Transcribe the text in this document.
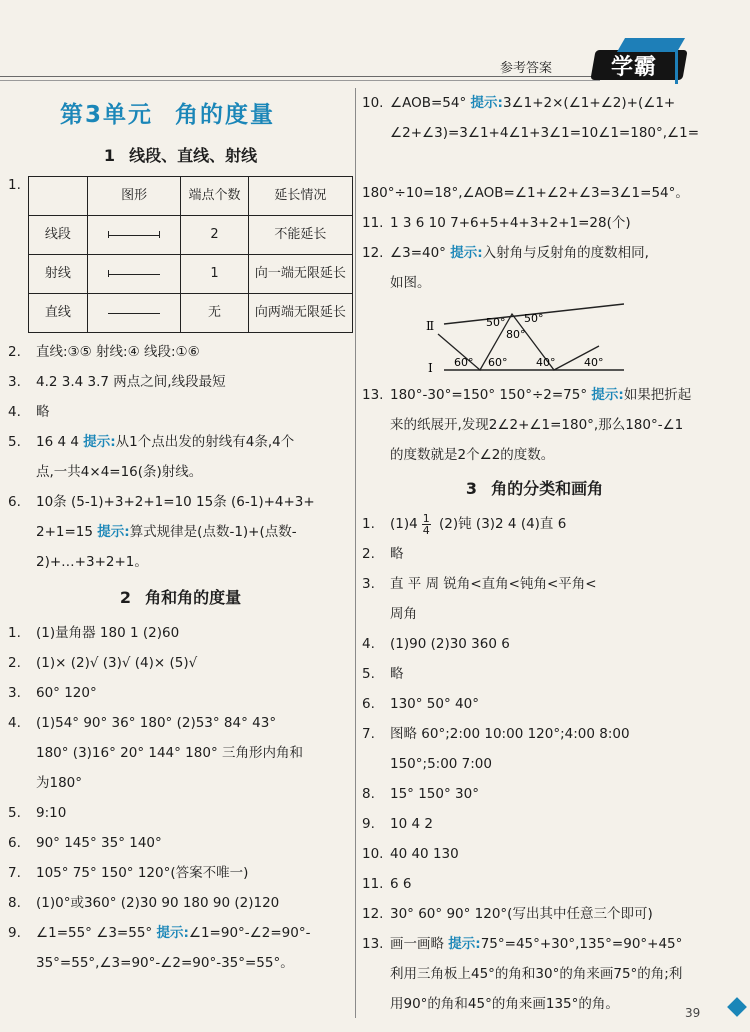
参考答案	学霸
第3单元 角的度量
1 线段、直线、射线
1.
	图形	端点个数	延长情况
线段		2	不能延长
射线		1	向一端无限延长
直线		无	向两端无限延长
2. 直线:③⑤ 射线:④ 线段:①⑥
3. 4.2 3.4 3.7 两点之间,线段最短
4. 略
5. 16 4 4 提示:从1个点出发的射线有4条,4个
点,一共4×4=16(条)射线。
6. 10条 (5-1)+3+2+1=10 15条 (6-1)+4+3+
2+1=15 提示:算式规律是(点数-1)+(点数-
2)+…+3+2+1。
2 角和角的度量
1. (1)量角器 180 1 (2)60
2. (1)× (2)√ (3)√ (4)× (5)√
3. 60° 120°
4. (1)54° 90° 36° 180° (2)53° 84° 43°
180° (3)16° 20° 144° 180° 三角形内角和
为180°
5. 9:10
6. 90° 145° 35° 140°
7. 105° 75° 150° 120°(答案不唯一)
8. (1)0°或360° (2)30 90 180 90 (2)120
9. ∠1=55° ∠3=55° 提示:∠1=90°-∠2=90°-
35°=55°,∠3=90°-∠2=90°-35°=55°。
10. ∠AOB=54° 提示:3∠1+2×(∠1+∠2)+(∠1+
∠2+∠3)=3∠1+4∠1+3∠1=10∠1=180°,∠1=
180°÷10=18°,∠AOB=∠1+∠2+∠3=3∠1=54°。
11. 1 3 6 10 7+6+5+4+3+2+1=28(个)
12. ∠3=40° 提示:入射角与反射角的度数相同,
如图。
Ⅱ
Ⅰ 60° 60°
50°
80°
50°
40°	40°
13. 180°-30°=150° 150°÷2=75° 提示:如果把折起
来的纸展开,发现2∠2+∠1=180°,那么180°-∠1
的度数就是2个∠2的度数。
3 角的分类和画角
1. $(1)4 \frac{1}{4} (2)$钝 (3)2 4 (4)直 6
2. 略
3. 直 平 周 锐角<直角<钝角<平角<
周角
4. (1)90 (2)30 360 6
5. 略
6. 130° 50° 40°
7. 图略 60°;2:00 10:00 120°;4:00 8:00
150°;5:00 7:00
8. 15° 150° 30°
9. 10 4 2
10. 40 40 130
11. 6 6
12. 30° 60° 90° 120°(写出其中任意三个即可)
13. 画一画略 提示:75°=45°+30°,135°=90°+45°
利用三角板上45°的角和30°的角来画75°的角;利
用90°的角和45°的角来画135°的角。
39
